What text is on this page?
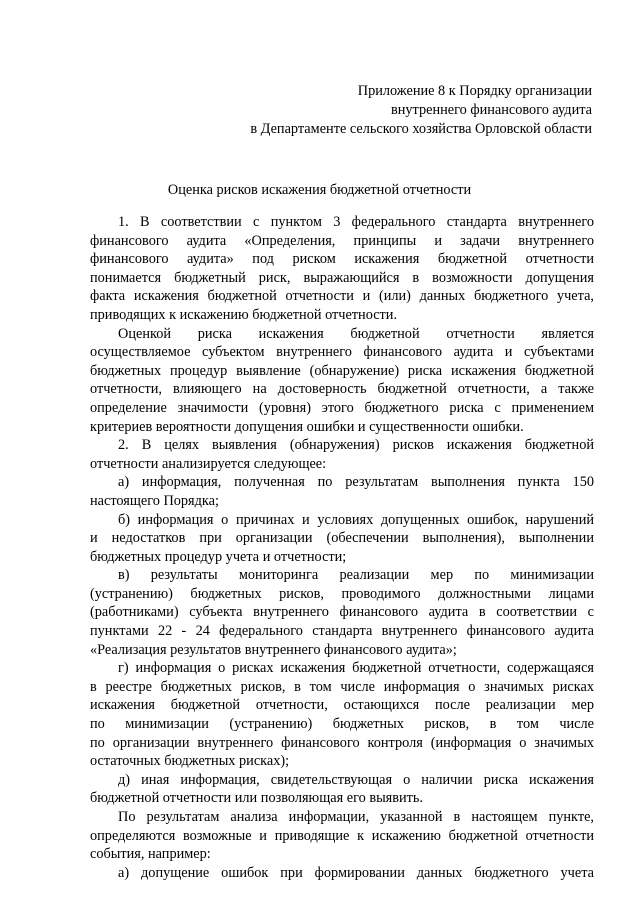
Приложение 8 к Порядку организации
внутреннего финансового аудита
в Департаменте сельского хозяйства Орловской области
Оценка рисков искажения бюджетной отчетности
1. В соответствии с пунктом 3 федерального стандарта внутреннего
финансового аудита «Определения, принципы и задачи внутреннего
финансового аудита» под риском искажения бюджетной отчетности
понимается бюджетный риск, выражающийся в возможности допущения
факта искажения бюджетной отчетности и (или) данных бюджетного учета,
приводящих к искажению бюджетной отчетности.
Оценкой риска искажения бюджетной отчетности является
осуществляемое субъектом внутреннего финансового аудита и субъектами
бюджетных процедур выявление (обнаружение) риска искажения бюджетной
отчетности, влияющего на достоверность бюджетной отчетности, а также
определение значимости (уровня) этого бюджетного риска с применением
критериев вероятности допущения ошибки и существенности ошибки.
2. В целях выявления (обнаружения) рисков искажения бюджетной
отчетности анализируется следующее:
а) информация, полученная по результатам выполнения пункта 150
настоящего Порядка;
б) информация о причинах и условиях допущенных ошибок, нарушений
и недостатков при организации (обеспечении выполнения), выполнении
бюджетных процедур учета и отчетности;
в) результаты мониторинга реализации мер по минимизации
(устранению) бюджетных рисков, проводимого должностными лицами
(работниками) субъекта внутреннего финансового аудита в соответствии с
пунктами 22 - 24 федерального стандарта внутреннего финансового аудита
«Реализация результатов внутреннего финансового аудита»;
г) информация о рисках искажения бюджетной отчетности, содержащаяся
в реестре бюджетных рисков, в том числе информация о значимых рисках
искажения бюджетной отчетности, остающихся после реализации мер
по минимизации (устранению) бюджетных рисков, в том числе
по организации внутреннего финансового контроля (информация о значимых
остаточных бюджетных рисках);
д) иная информация, свидетельствующая о наличии риска искажения
бюджетной отчетности или позволяющая его выявить.
По результатам анализа информации, указанной в настоящем пункте,
определяются возможные и приводящие к искажению бюджетной отчетности
события, например:
а) допущение ошибок при формировании данных бюджетного учета
